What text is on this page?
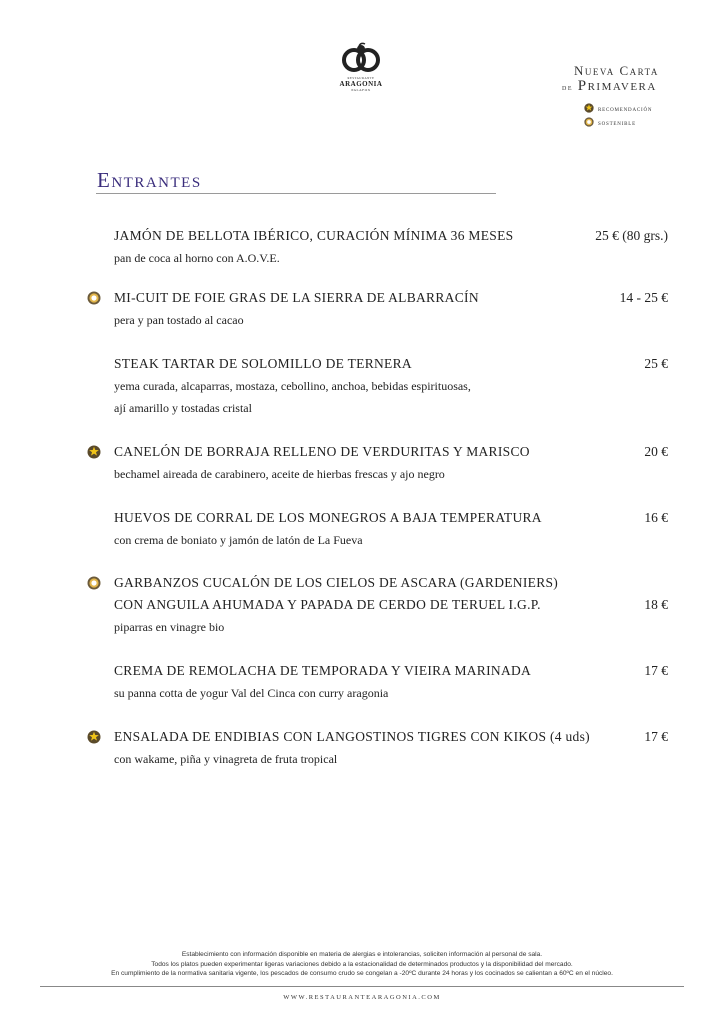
RESTAURANTE
ARAGONIA
PALAFOX
Nueva Carta
de Primavera
recomendación
sostenible
Entrantes
JAMÓN DE BELLOTA IBÉRICO, CURACIÓN MÍNIMA 36 MESES
pan de coca al horno con A.O.V.E.
25 € (80 grs.)
MI-CUIT DE FOIE GRAS DE LA SIERRA DE ALBARRACÍN
pera y pan tostado al cacao
14 - 25 €
STEAK TARTAR DE SOLOMILLO DE TERNERA
yema curada, alcaparras, mostaza, cebollino, anchoa, bebidas espirituosas,
ají amarillo y tostadas cristal
25 €
CANELÓN DE BORRAJA RELLENO DE VERDURITAS Y MARISCO
bechamel aireada de carabinero, aceite de hierbas frescas y ajo negro
20 €
HUEVOS DE CORRAL DE LOS MONEGROS A BAJA TEMPERATURA
con crema de boniato y jamón de latón de La Fueva
16 €
GARBANZOS CUCALÓN DE LOS CIELOS DE ASCARA (GARDENIERS)
CON ANGUILA AHUMADA Y PAPADA DE CERDO DE TERUEL I.G.P.
piparras en vinagre bio
18 €
CREMA DE REMOLACHA DE TEMPORADA Y VIEIRA MARINADA
su panna cotta de yogur Val del Cinca con curry aragonia
17 €
ENSALADA DE ENDIBIAS CON LANGOSTINOS TIGRES CON KIKOS (4 uds)
con wakame, piña y vinagreta de fruta tropical
17 €
Establecimiento con información disponible en materia de alergias e intolerancias, soliciten información al personal de sala.
Todos los platos pueden experimentar ligeras variaciones debido a la estacionalidad de determinados productos y la disponibilidad del mercado.
En cumplimiento de la normativa sanitaria vigente, los pescados de consumo crudo se congelan a -20ºC durante 24 horas y los cocinados se calientan a 60ºC en el núcleo.
WWW.RESTAURANTEARAGONIA.COM
